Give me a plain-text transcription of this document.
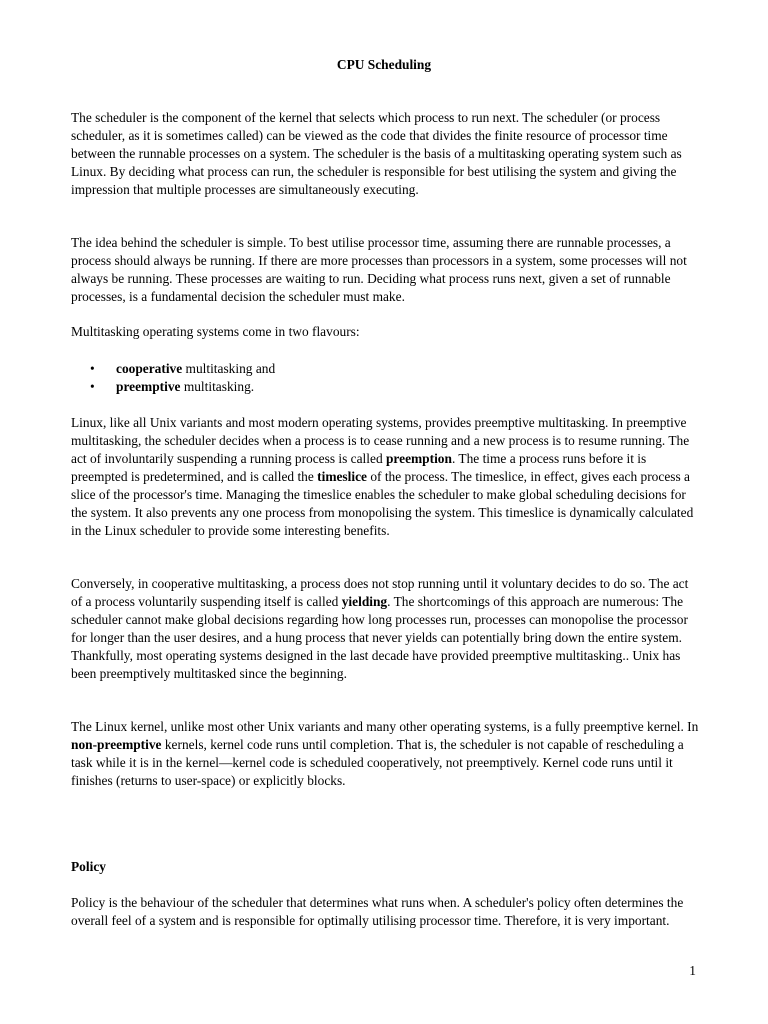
CPU Scheduling

The scheduler is the component of the kernel that selects which process to run next. The scheduler (or process scheduler, as it is sometimes called) can be viewed as the code that divides the finite resource of processor time between the runnable processes on a system. The scheduler is the basis of a multitasking operating system such as Linux. By deciding what process can run, the scheduler is responsible for best utilising the system and giving the impression that multiple processes are simultaneously executing.

The idea behind the scheduler is simple. To best utilise processor time, assuming there are runnable processes, a process should always be running. If there are more processes than processors in a system, some processes will not always be running. These processes are waiting to run. Deciding what process runs next, given a set of runnable processes, is a fundamental decision the scheduler must make.

Multitasking operating systems come in two flavours:

• cooperative multitasking and
• preemptive multitasking.

Linux, like all Unix variants and most modern operating systems, provides preemptive multitasking. In preemptive multitasking, the scheduler decides when a process is to cease running and a new process is to resume running. The act of involuntarily suspending a running process is called preemption. The time a process runs before it is preempted is predetermined, and is called the timeslice of the process. The timeslice, in effect, gives each process a slice of the processor's time. Managing the timeslice enables the scheduler to make global scheduling decisions for the system. It also prevents any one process from monopolising the system. This timeslice is dynamically calculated in the Linux scheduler to provide some interesting benefits.

Conversely, in cooperative multitasking, a process does not stop running until it voluntary decides to do so. The act of a process voluntarily suspending itself is called yielding. The shortcomings of this approach are numerous: The scheduler cannot make global decisions regarding how long processes run, processes can monopolise the processor for longer than the user desires, and a hung process that never yields can potentially bring down the entire system. Thankfully, most operating systems designed in the last decade have provided preemptive multitasking.. Unix has been preemptively multitasked since the beginning.

The Linux kernel, unlike most other Unix variants and many other operating systems, is a fully preemptive kernel. In non-preemptive kernels, kernel code runs until completion. That is, the scheduler is not capable of rescheduling a task while it is in the kernel—kernel code is scheduled cooperatively, not preemptively. Kernel code runs until it finishes (returns to user-space) or explicitly blocks.

Policy

Policy is the behaviour of the scheduler that determines what runs when. A scheduler's policy often determines the overall feel of a system and is responsible for optimally utilising processor time. Therefore, it is very important.

1
